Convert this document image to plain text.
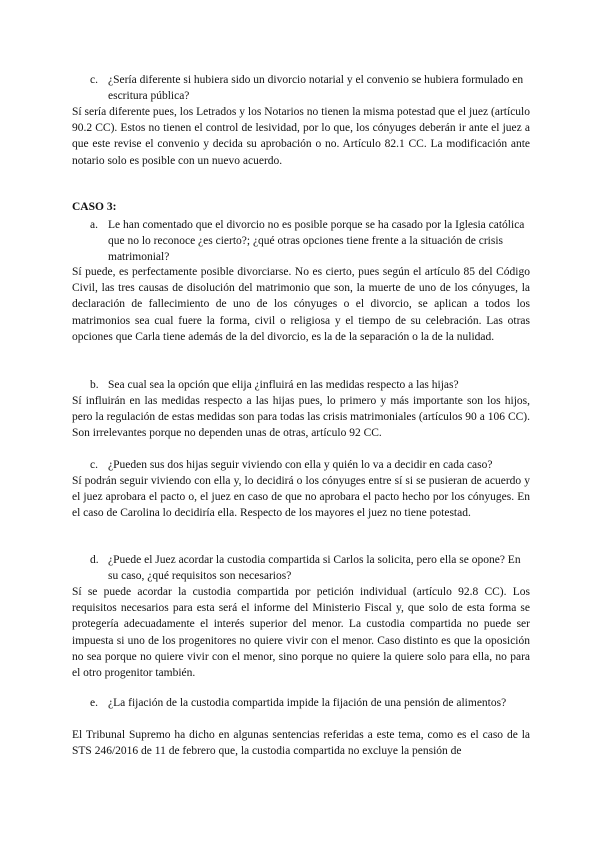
c. ¿Sería diferente si hubiera sido un divorcio notarial y el convenio se hubiera formulado en escritura pública?
Sí sería diferente pues, los Letrados y los Notarios no tienen la misma potestad que el juez (artículo 90.2 CC). Estos no tienen el control de lesividad, por lo que, los cónyuges deberán ir ante el juez a que este revise el convenio y decida su aprobación o no. Artículo 82.1 CC. La modificación ante notario solo es posible con un nuevo acuerdo.
CASO 3:
a. Le han comentado que el divorcio no es posible porque se ha casado por la Iglesia católica que no lo reconoce ¿es cierto?; ¿qué otras opciones tiene frente a la situación de crisis matrimonial?
Sí puede, es perfectamente posible divorciarse. No es cierto, pues según el artículo 85 del Código Civil, las tres causas de disolución del matrimonio que son, la muerte de uno de los cónyuges, la declaración de fallecimiento de uno de los cónyuges o el divorcio, se aplican a todos los matrimonios sea cual fuere la forma, civil o religiosa y el tiempo de su celebración. Las otras opciones que Carla tiene además de la del divorcio, es la de la separación o la de la nulidad.
b. Sea cual sea la opción que elija ¿influirá en las medidas respecto a las hijas?
Sí influirán en las medidas respecto a las hijas pues, lo primero y más importante son los hijos, pero la regulación de estas medidas son para todas las crisis matrimoniales (artículos 90 a 106 CC). Son irrelevantes porque no dependen unas de otras, artículo 92 CC.
c. ¿Pueden sus dos hijas seguir viviendo con ella y quién lo va a decidir en cada caso?
Sí podrán seguir viviendo con ella y, lo decidirá o los cónyuges entre sí si se pusieran de acuerdo y el juez aprobara el pacto o, el juez en caso de que no aprobara el pacto hecho por los cónyuges. En el caso de Carolina lo decidiría ella. Respecto de los mayores el juez no tiene potestad.
d. ¿Puede el Juez acordar la custodia compartida si Carlos la solicita, pero ella se opone? En su caso, ¿qué requisitos son necesarios?
Sí se puede acordar la custodia compartida por petición individual (artículo 92.8 CC). Los requisitos necesarios para esta será el informe del Ministerio Fiscal y, que solo de esta forma se protegería adecuadamente el interés superior del menor. La custodia compartida no puede ser impuesta si uno de los progenitores no quiere vivir con el menor. Caso distinto es que la oposición no sea porque no quiere vivir con el menor, sino porque no quiere la quiere solo para ella, no para el otro progenitor también.
e. ¿La fijación de la custodia compartida impide la fijación de una pensión de alimentos?
El Tribunal Supremo ha dicho en algunas sentencias referidas a este tema, como es el caso de la STS 246/2016 de 11 de febrero que, la custodia compartida no excluye la pensión de
